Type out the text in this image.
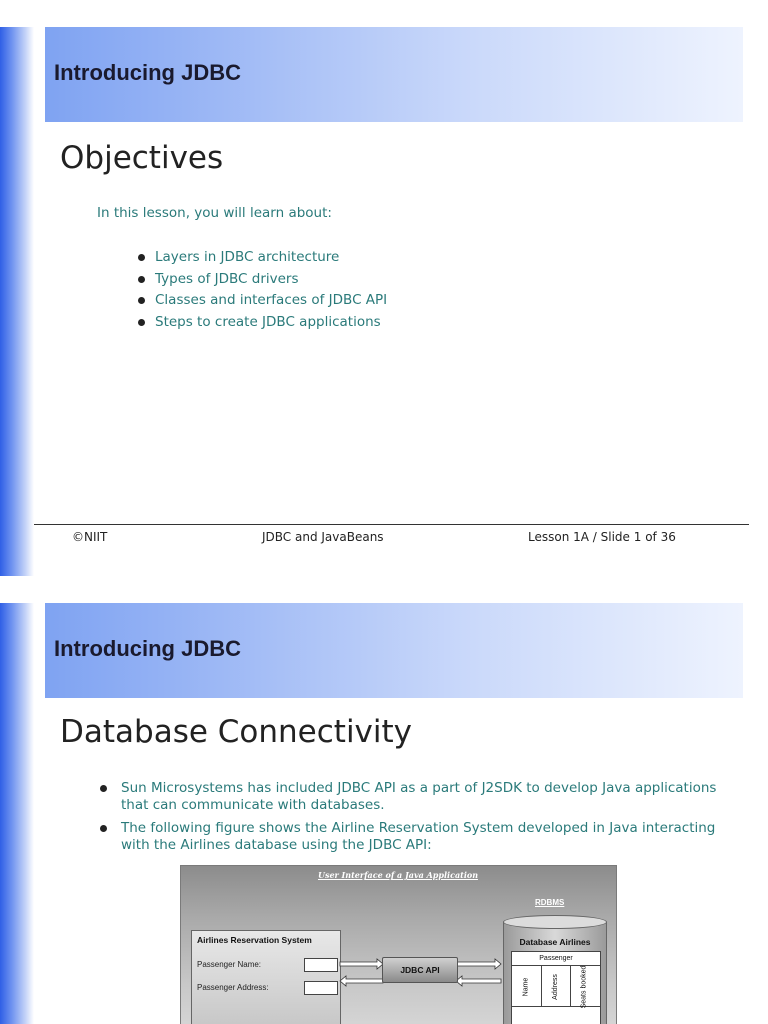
Introducing JDBC
Objectives
In this lesson, you will learn about:
Layers in JDBC architecture
Types of JDBC drivers
Classes and interfaces of JDBC API
Steps to create JDBC applications
©NIIT	JDBC and JavaBeans	Lesson 1A / Slide 1 of 36
Introducing JDBC
Database Connectivity
Sun Microsystems has included JDBC API as a part of J2SDK to develop Java applications that can communicate with databases.
The following figure shows the Airline Reservation System developed in Java interacting with the Airlines database using the JDBC API:
User Interface of a Java Application
RDBMS
Airlines Reservation System
Passenger Name:
Passenger Address:
JDBC API
Database Airlines
Passenger
Name	Address	Seats booked
